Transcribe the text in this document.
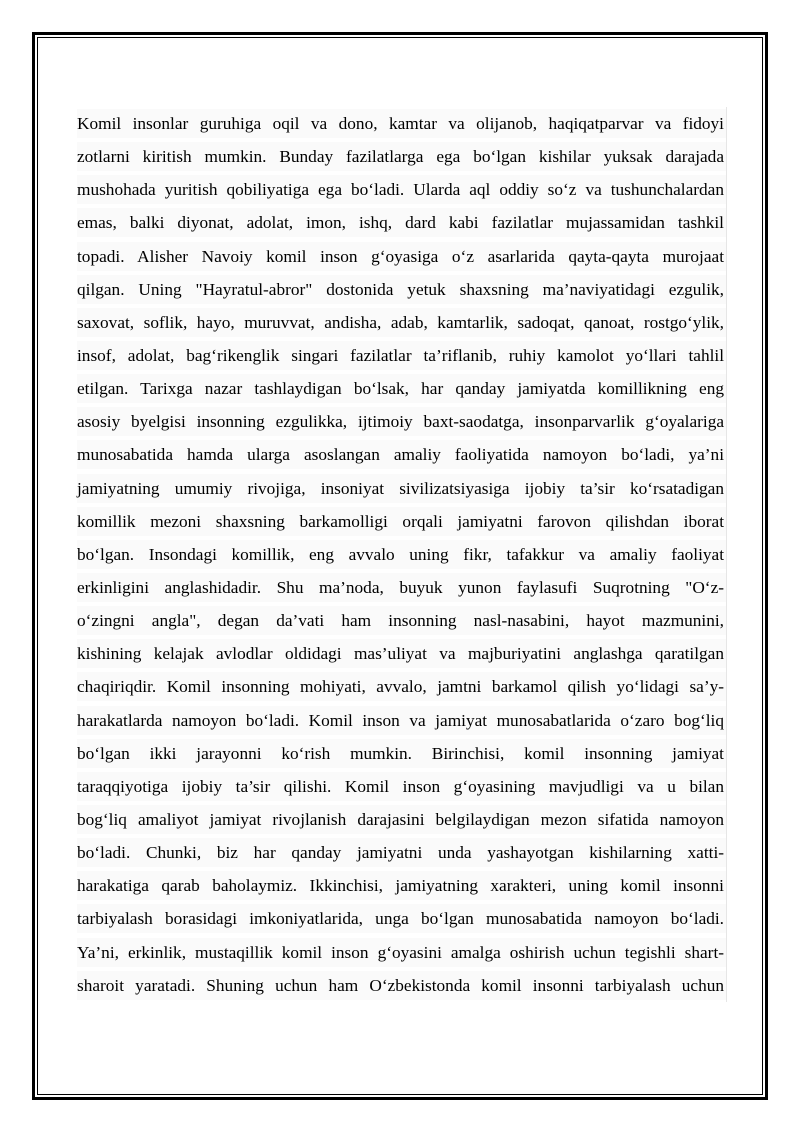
Komil insonlar guruhiga oqil va dono, kamtar va olijanob, haqiqatparvar va fidoyi
zotlarni kiritish mumkin. Bunday fazilatlarga ega bo‘lgan kishilar yuksak darajada
mushohada yuritish qobiliyatiga ega bo‘ladi. Ularda aql oddiy so‘z va tushunchalardan
emas, balki diyonat, adolat, imon, ishq, dard kabi fazilatlar mujassamidan tashkil
topadi. Alisher Navoiy komil inson g‘oyasiga o‘z asarlarida qayta-qayta murojaat
qilgan. Uning "Hayratul-abror" dostonida yetuk shaxsning ma’naviyatidagi ezgulik,
saxovat, soflik, hayo, muruvvat, andisha, adab, kamtarlik, sadoqat, qanoat, rostgo‘ylik,
insof, adolat, bag‘rikenglik singari fazilatlar ta’riflanib, ruhiy kamolot yo‘llari tahlil
etilgan. Tarixga nazar tashlaydigan bo‘lsak, har qanday jamiyatda komillikning eng
asosiy byelgisi insonning ezgulikka, ijtimoiy baxt-saodatga, insonparvarlik g‘oyalariga
munosabatida hamda ularga asoslangan amaliy faoliyatida namoyon bo‘ladi, ya’ni
jamiyatning umumiy rivojiga, insoniyat sivilizatsiyasiga ijobiy ta’sir ko‘rsatadigan
komillik mezoni shaxsning barkamolligi orqali jamiyatni farovon qilishdan iborat
bo‘lgan. Insondagi komillik, eng avvalo uning fikr, tafakkur va amaliy faoliyat
erkinligini anglashidadir. Shu ma’noda, buyuk yunon faylasufi Suqrotning "O‘z-
o‘zingni angla", degan da’vati ham insonning nasl-nasabini, hayot mazmunini,
kishining kelajak avlodlar oldidagi mas’uliyat va majburiyatini anglashga qaratilgan
chaqiriqdir. Komil insonning mohiyati, avvalo, jamtni barkamol qilish yo‘lidagi sa’y-
harakatlarda namoyon bo‘ladi. Komil inson va jamiyat munosabatlarida o‘zaro bog‘liq
bo‘lgan ikki jarayonni ko‘rish mumkin. Birinchisi, komil insonning jamiyat
taraqqiyotiga ijobiy ta’sir qilishi. Komil inson g‘oyasining mavjudligi va u bilan
bog‘liq amaliyot jamiyat rivojlanish darajasini belgilaydigan mezon sifatida namoyon
bo‘ladi. Chunki, biz har qanday jamiyatni unda yashayotgan kishilarning xatti-
harakatiga qarab baholaymiz. Ikkinchisi, jamiyatning xarakteri, uning komil insonni
tarbiyalash borasidagi imkoniyatlarida, unga bo‘lgan munosabatida namoyon bo‘ladi.
Ya’ni, erkinlik, mustaqillik komil inson g‘oyasini amalga oshirish uchun tegishli shart-
sharoit yaratadi. Shuning uchun ham O‘zbekistonda komil insonni tarbiyalash uchun
